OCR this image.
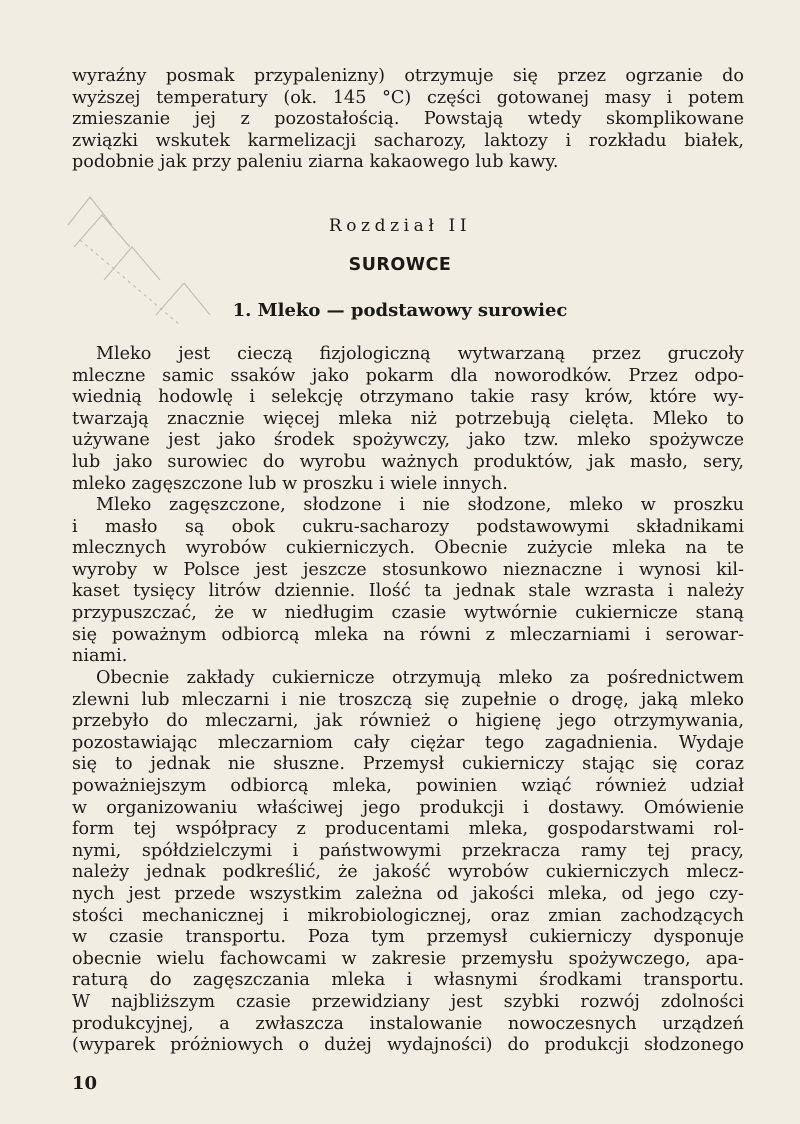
wyraźny posmak przypalenizny) otrzymuje się przez ogrzanie do
wyższej temperatury (ok. 145 °C) części gotowanej masy i potem
zmieszanie jej z pozostałością. Powstają wtedy skomplikowane
związki wskutek karmelizacji sacharozy, laktozy i rozkładu białek,
podobnie jak przy paleniu ziarna kakaowego lub kawy.
Rozdział II
SUROWCE
1. Mleko — podstawowy surowiec
Mleko jest cieczą fizjologiczną wytwarzaną przez gruczoły
mleczne samic ssaków jako pokarm dla noworodków. Przez odpo-
wiednią hodowlę i selekcję otrzymano takie rasy krów, które wy-
twarzają znacznie więcej mleka niż potrzebują cielęta. Mleko to
używane jest jako środek spożywczy, jako tzw. mleko spożywcze
lub jako surowiec do wyrobu ważnych produktów, jak masło, sery,
mleko zagęszczone lub w proszku i wiele innych.
Mleko zagęszczone, słodzone i nie słodzone, mleko w proszku
i masło są obok cukru-sacharozy podstawowymi składnikami
mlecznych wyrobów cukierniczych. Obecnie zużycie mleka na te
wyroby w Polsce jest jeszcze stosunkowo nieznaczne i wynosi kil-
kaset tysięcy litrów dziennie. Ilość ta jednak stale wzrasta i należy
przypuszczać, że w niedługim czasie wytwórnie cukiernicze staną
się poważnym odbiorcą mleka na równi z mleczarniami i serowar-
niami.
Obecnie zakłady cukiernicze otrzymują mleko za pośrednictwem
zlewni lub mleczarni i nie troszczą się zupełnie o drogę, jaką mleko
przebyło do mleczarni, jak również o higienę jego otrzymywania,
pozostawiając mleczarniom cały ciężar tego zagadnienia. Wydaje
się to jednak nie słuszne. Przemysł cukierniczy stając się coraz
poważniejszym odbiorcą mleka, powinien wziąć również udział
w organizowaniu właściwej jego produkcji i dostawy. Omówienie
form tej współpracy z producentami mleka, gospodarstwami rol-
nymi, spółdzielczymi i państwowymi przekracza ramy tej pracy,
należy jednak podkreślić, że jakość wyrobów cukierniczych mlecz-
nych jest przede wszystkim zależna od jakości mleka, od jego czy-
stości mechanicznej i mikrobiologicznej, oraz zmian zachodzących
w czasie transportu. Poza tym przemysł cukierniczy dysponuje
obecnie wielu fachowcami w zakresie przemysłu spożywczego, apa-
raturą do zagęszczania mleka i własnymi środkami transportu.
W najbliższym czasie przewidziany jest szybki rozwój zdolności
produkcyjnej, a zwłaszcza instalowanie nowoczesnych urządzeń
(wyparek próżniowych o dużej wydajności) do produkcji słodzonego

10
